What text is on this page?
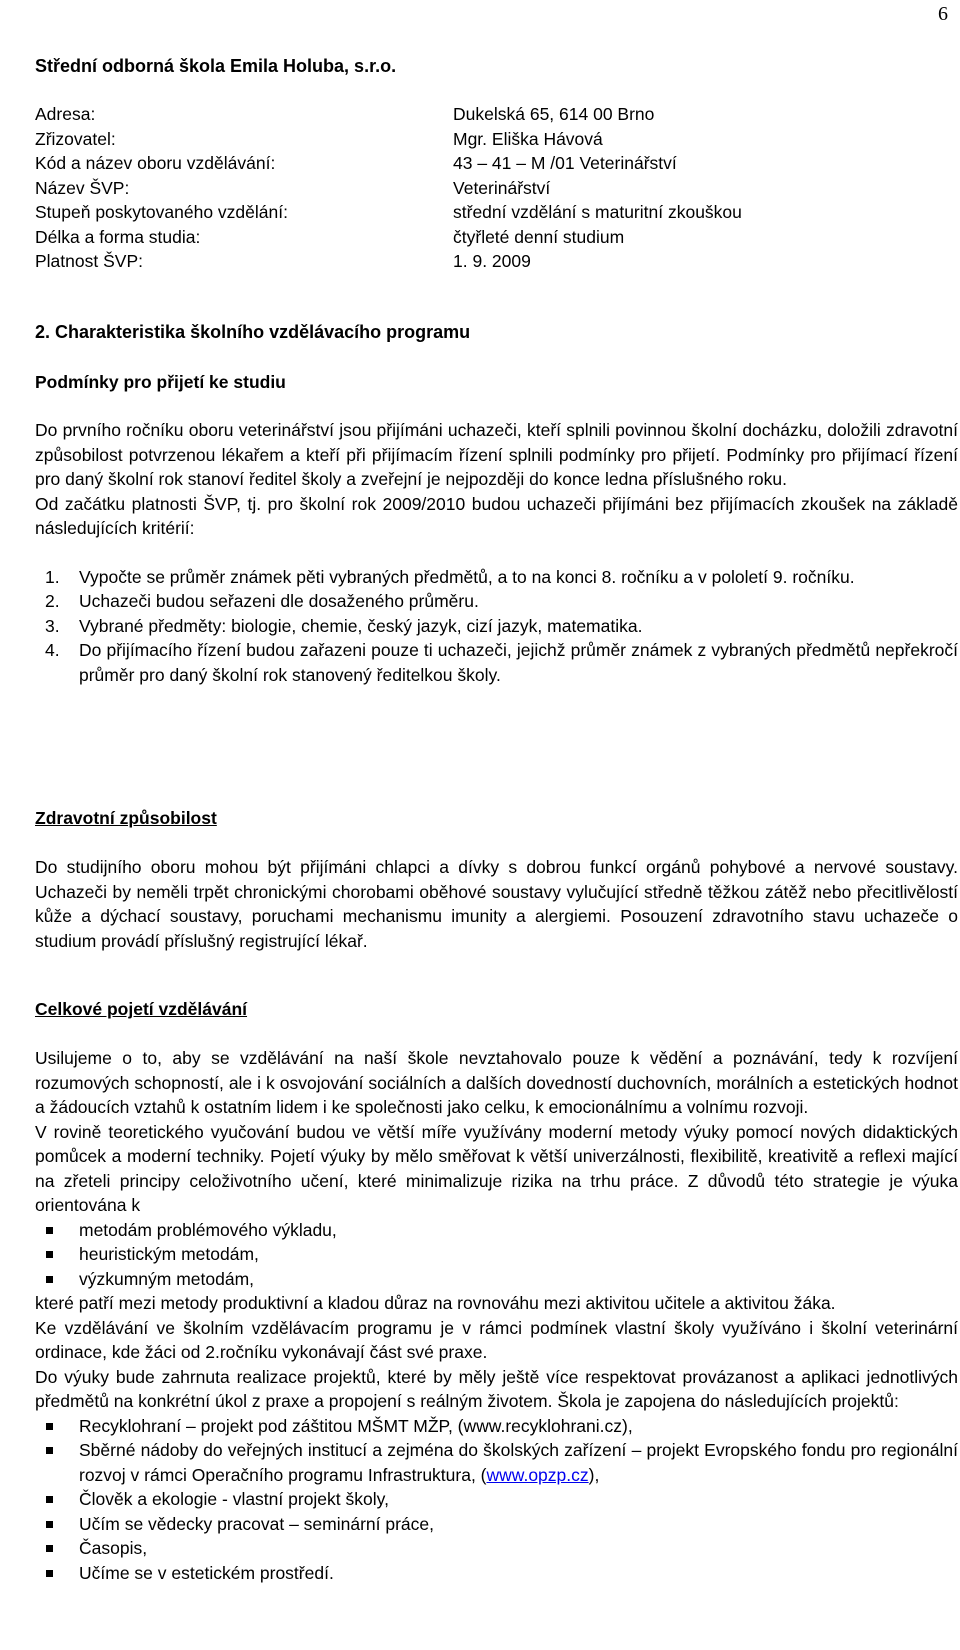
6
Střední odborná škola Emila Holuba, s.r.o.
Adresa:	Dukelská 65, 614 00 Brno
Zřizovatel:	Mgr. Eliška Hávová
Kód a název oboru vzdělávání:	43 – 41 – M /01 Veterinářství
Název ŠVP:	Veterinářství
Stupeň poskytovaného vzdělání:	střední vzdělání s maturitní zkouškou
Délka a forma studia:	čtyřleté denní studium
Platnost ŠVP:	1. 9. 2009
2. Charakteristika školního vzdělávacího programu
Podmínky pro přijetí ke studiu

Do prvního ročníku oboru veterinářství jsou přijímáni uchazeči, kteří splnili povinnou školní docházku, doložili zdravotní způsobilost potvrzenou lékařem a kteří při přijímacím řízení splnili podmínky pro přijetí. Podmínky pro přijímací řízení pro daný školní rok stanoví ředitel školy a zveřejní je nejpozději do konce ledna příslušného roku.

Od začátku platnosti ŠVP, tj. pro školní rok 2009/2010 budou uchazeči přijímáni bez přijímacích zkoušek na základě následujících kritérií:

1. Vypočte se průměr známek pěti vybraných předmětů, a to na konci 8. ročníku a v pololetí 9. ročníku.
2. Uchazeči budou seřazeni dle dosaženého průměru.
3. Vybrané předměty: biologie, chemie, český jazyk, cizí jazyk, matematika.
4. Do přijímacího řízení budou zařazeni pouze ti uchazeči, jejichž průměr známek z vybraných předmětů nepřekročí průměr pro daný školní rok stanovený ředitelkou školy.
Zdravotní způsobilost

Do studijního oboru mohou být přijímáni chlapci a dívky s dobrou funkcí orgánů pohybové a nervové soustavy. Uchazeči by neměli trpět chronickými chorobami oběhové soustavy vylučující středně těžkou zátěž nebo přecitlivělostí kůže a dýchací soustavy, poruchami mechanismu imunity a alergiemi. Posouzení zdravotního stavu uchazeče o studium provádí příslušný registrující lékař.

Celkové pojetí vzdělávání

Usilujeme o to, aby se vzdělávání na naší škole nevztahovalo pouze k vědění a poznávání, tedy k rozvíjení rozumových schopností, ale i k osvojování sociálních a dalších dovedností duchovních, morálních a estetických hodnot a žádoucích vztahů k ostatním lidem i ke společnosti jako celku, k emocionálnímu a volnímu rozvoji.

V rovině teoretického vyučování budou ve větší míře využívány moderní metody výuky pomocí nových didaktických pomůcek a moderní techniky. Pojetí výuky by mělo směřovat k větší univerzálnosti, flexibilitě, kreativitě a reflexi mající na zřeteli principy celoživotního učení, které minimalizuje rizika na trhu práce. Z důvodů této strategie je výuka orientována k

metodám problémového výkladu,
heuristickým metodám,
výzkumným metodám,

které patří mezi metody produktivní a kladou důraz na rovnováhu mezi aktivitou učitele a aktivitou žáka.

Ke vzdělávání ve školním vzdělávacím programu je v rámci podmínek vlastní školy využíváno i školní veterinární ordinace, kde žáci od 2.ročníku vykonávají část své praxe.

Do výuky bude zahrnuta realizace projektů, které by měly ještě více respektovat provázanost a aplikaci jednotlivých předmětů na konkrétní úkol z praxe a propojení s reálným životem. Škola je zapojena do následujících projektů:

Recyklohraní – projekt pod záštitou MŠMT MŽP, (www.recyklohrani.cz),
Sběrné nádoby do veřejných institucí a zejména do školských zařízení – projekt Evropského fondu pro regionální rozvoj v rámci Operačního programu Infrastruktura, (www.opzp.cz),
Člověk a ekologie - vlastní projekt školy,
Učím se vědecky pracovat – seminární práce,
Časopis,
Učíme se v estetickém prostředí.
